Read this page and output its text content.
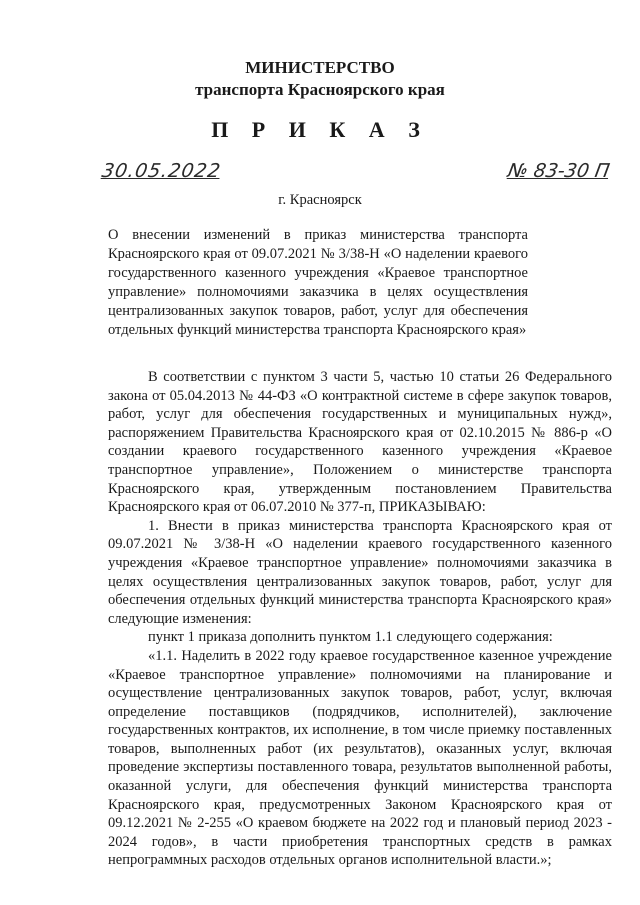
МИНИСТЕРСТВО
транспорта Красноярского края
П Р И К А З
30.05.2022	№ 83-30 П
г. Красноярск
О внесении изменений в приказ министерства транспорта Красноярского края от 09.07.2021 № 3/38-Н «О наделении краевого государственного казенного учреждения «Краевое транспортное управление» полномочиями заказчика в целях осуществления централизованных закупок товаров, работ, услуг для обеспечения отдельных функций министерства транспорта Красноярского края»

В соответствии с пунктом 3 части 5, частью 10 статьи 26 Федерального закона от 05.04.2013 № 44-ФЗ «О контрактной системе в сфере закупок товаров, работ, услуг для обеспечения государственных и муниципальных нужд», распоряжением Правительства Красноярского края от 02.10.2015 № 886-р «О создании краевого государственного казенного учреждения «Краевое транспортное управление», Положением о министерстве транспорта Красноярского края, утвержденным постановлением Правительства Красноярского края от 06.07.2010 № 377-п, ПРИКАЗЫВАЮ:

1. Внести в приказ министерства транспорта Красноярского края от 09.07.2021 № 3/38-Н «О наделении краевого государственного казенного учреждения «Краевое транспортное управление» полномочиями заказчика в целях осуществления централизованных закупок товаров, работ, услуг для обеспечения отдельных функций министерства транспорта Красноярского края» следующие изменения:

пункт 1 приказа дополнить пунктом 1.1 следующего содержания:

«1.1. Наделить в 2022 году краевое государственное казенное учреждение «Краевое транспортное управление» полномочиями на планирование и осуществление централизованных закупок товаров, работ, услуг, включая определение поставщиков (подрядчиков, исполнителей), заключение государственных контрактов, их исполнение, в том числе приемку поставленных товаров, выполненных работ (их результатов), оказанных услуг, включая проведение экспертизы поставленного товара, результатов выполненной работы, оказанной услуги, для обеспечения функций министерства транспорта Красноярского края, предусмотренных Законом Красноярского края от 09.12.2021 № 2-255 «О краевом бюджете на 2022 год и плановый период 2023 - 2024 годов», в части приобретения транспортных средств в рамках непрограммных расходов отдельных органов исполнительной власти.»;
